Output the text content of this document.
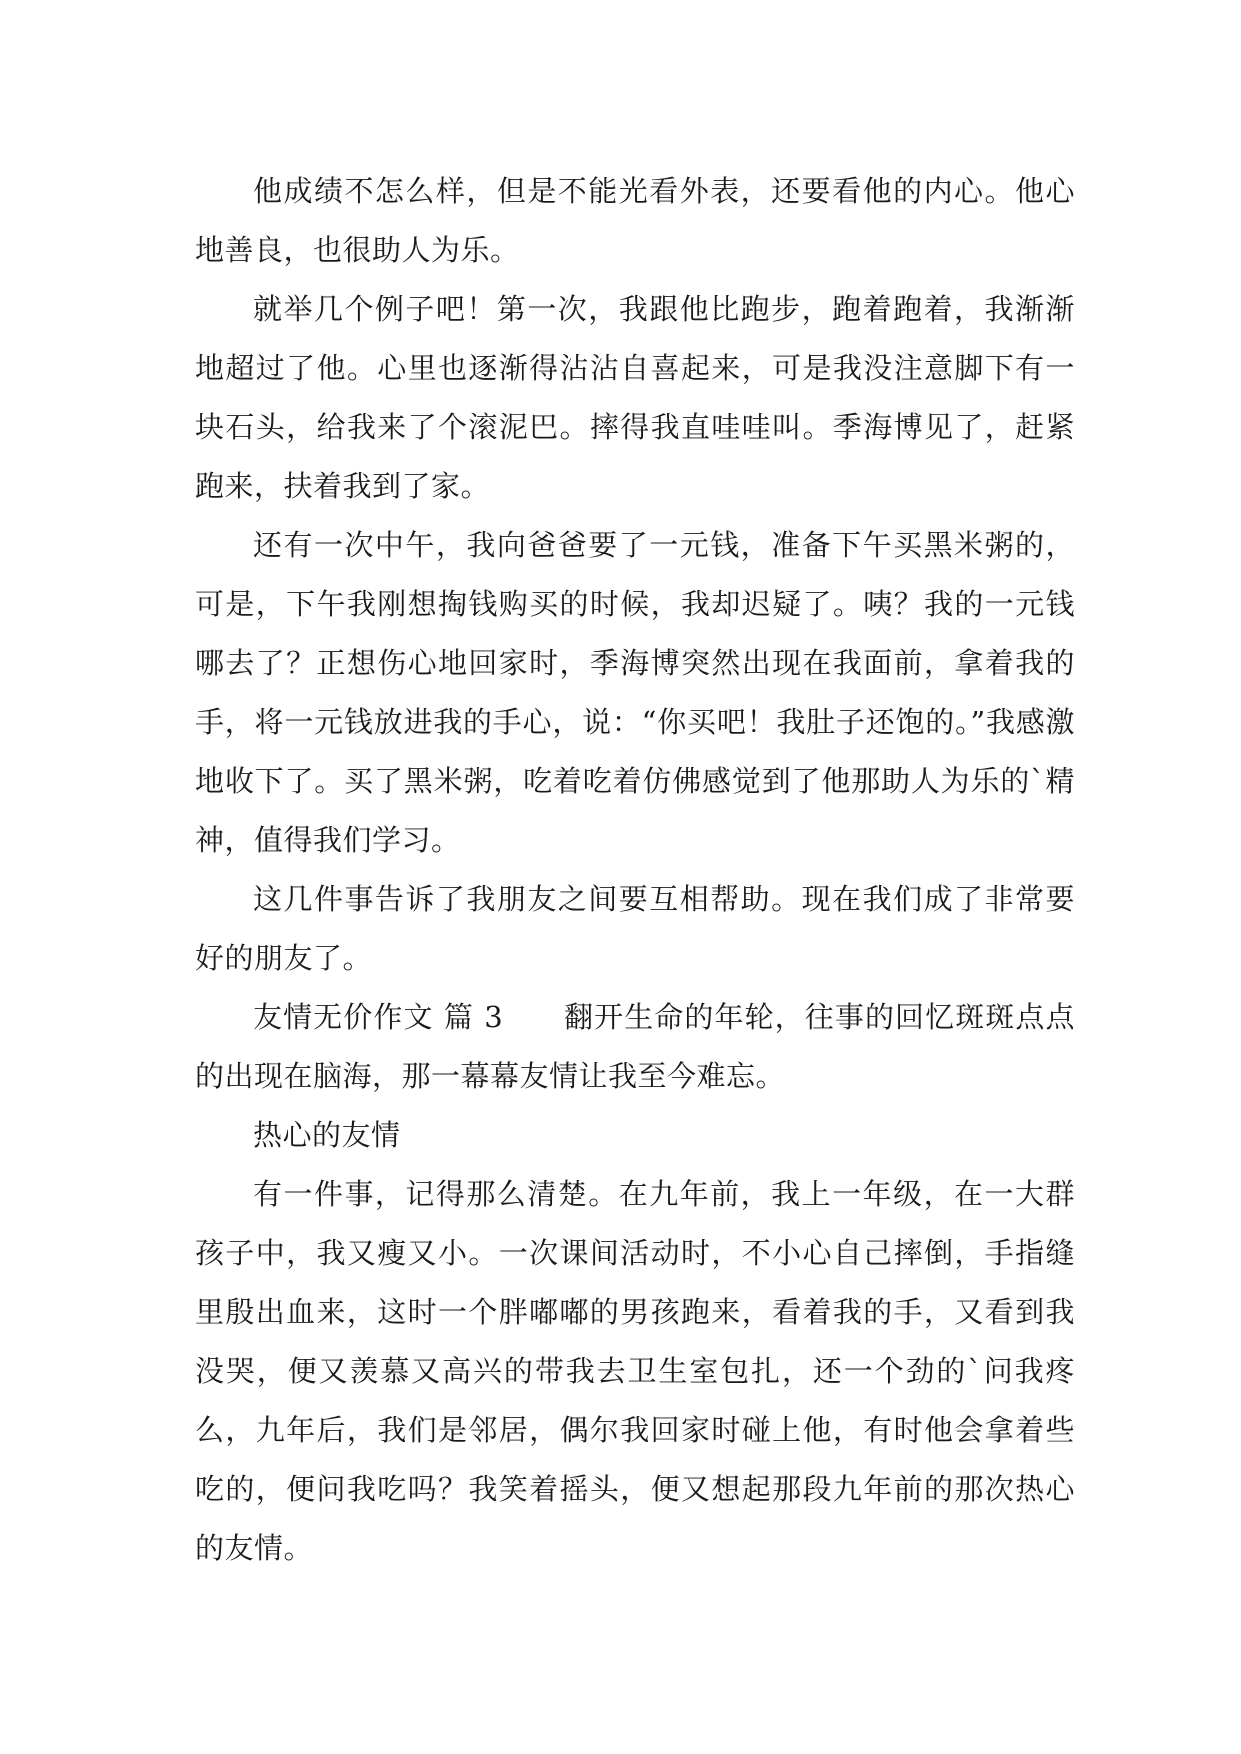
他成绩不怎么样，但是不能光看外表，还要看他的内心。他心地善良，也很助人为乐。

就举几个例子吧！第一次，我跟他比跑步，跑着跑着，我渐渐地超过了他。心里也逐渐得沾沾自喜起来，可是我没注意脚下有一块石头，给我来了个滚泥巴。摔得我直哇哇叫。季海博见了，赶紧跑来，扶着我到了家。

还有一次中午，我向爸爸要了一元钱，准备下午买黑米粥的，可是，下午我刚想掏钱购买的时候，我却迟疑了。咦？我的一元钱哪去了？正想伤心地回家时，季海博突然出现在我面前，拿着我的手，将一元钱放进我的手心，说：“你买吧！我肚子还饱的。”我感激地收下了。买了黑米粥，吃着吃着仿佛感觉到了他那助人为乐的`精神，值得我们学习。

这几件事告诉了我朋友之间要互相帮助。现在我们成了非常要好的朋友了。

友情无价作文 篇 3　　翻开生命的年轮，往事的回忆斑斑点点的出现在脑海，那一幕幕友情让我至今难忘。

热心的友情

有一件事，记得那么清楚。在九年前，我上一年级，在一大群孩子中，我又瘦又小。一次课间活动时，不小心自己摔倒，手指缝里殷出血来，这时一个胖嘟嘟的男孩跑来，看着我的手，又看到我没哭，便又羡慕又高兴的带我去卫生室包扎，还一个劲的`问我疼么，九年后，我们是邻居，偶尔我回家时碰上他，有时他会拿着些吃的，便问我吃吗？我笑着摇头，便又想起那段九年前的那次热心的友情。
